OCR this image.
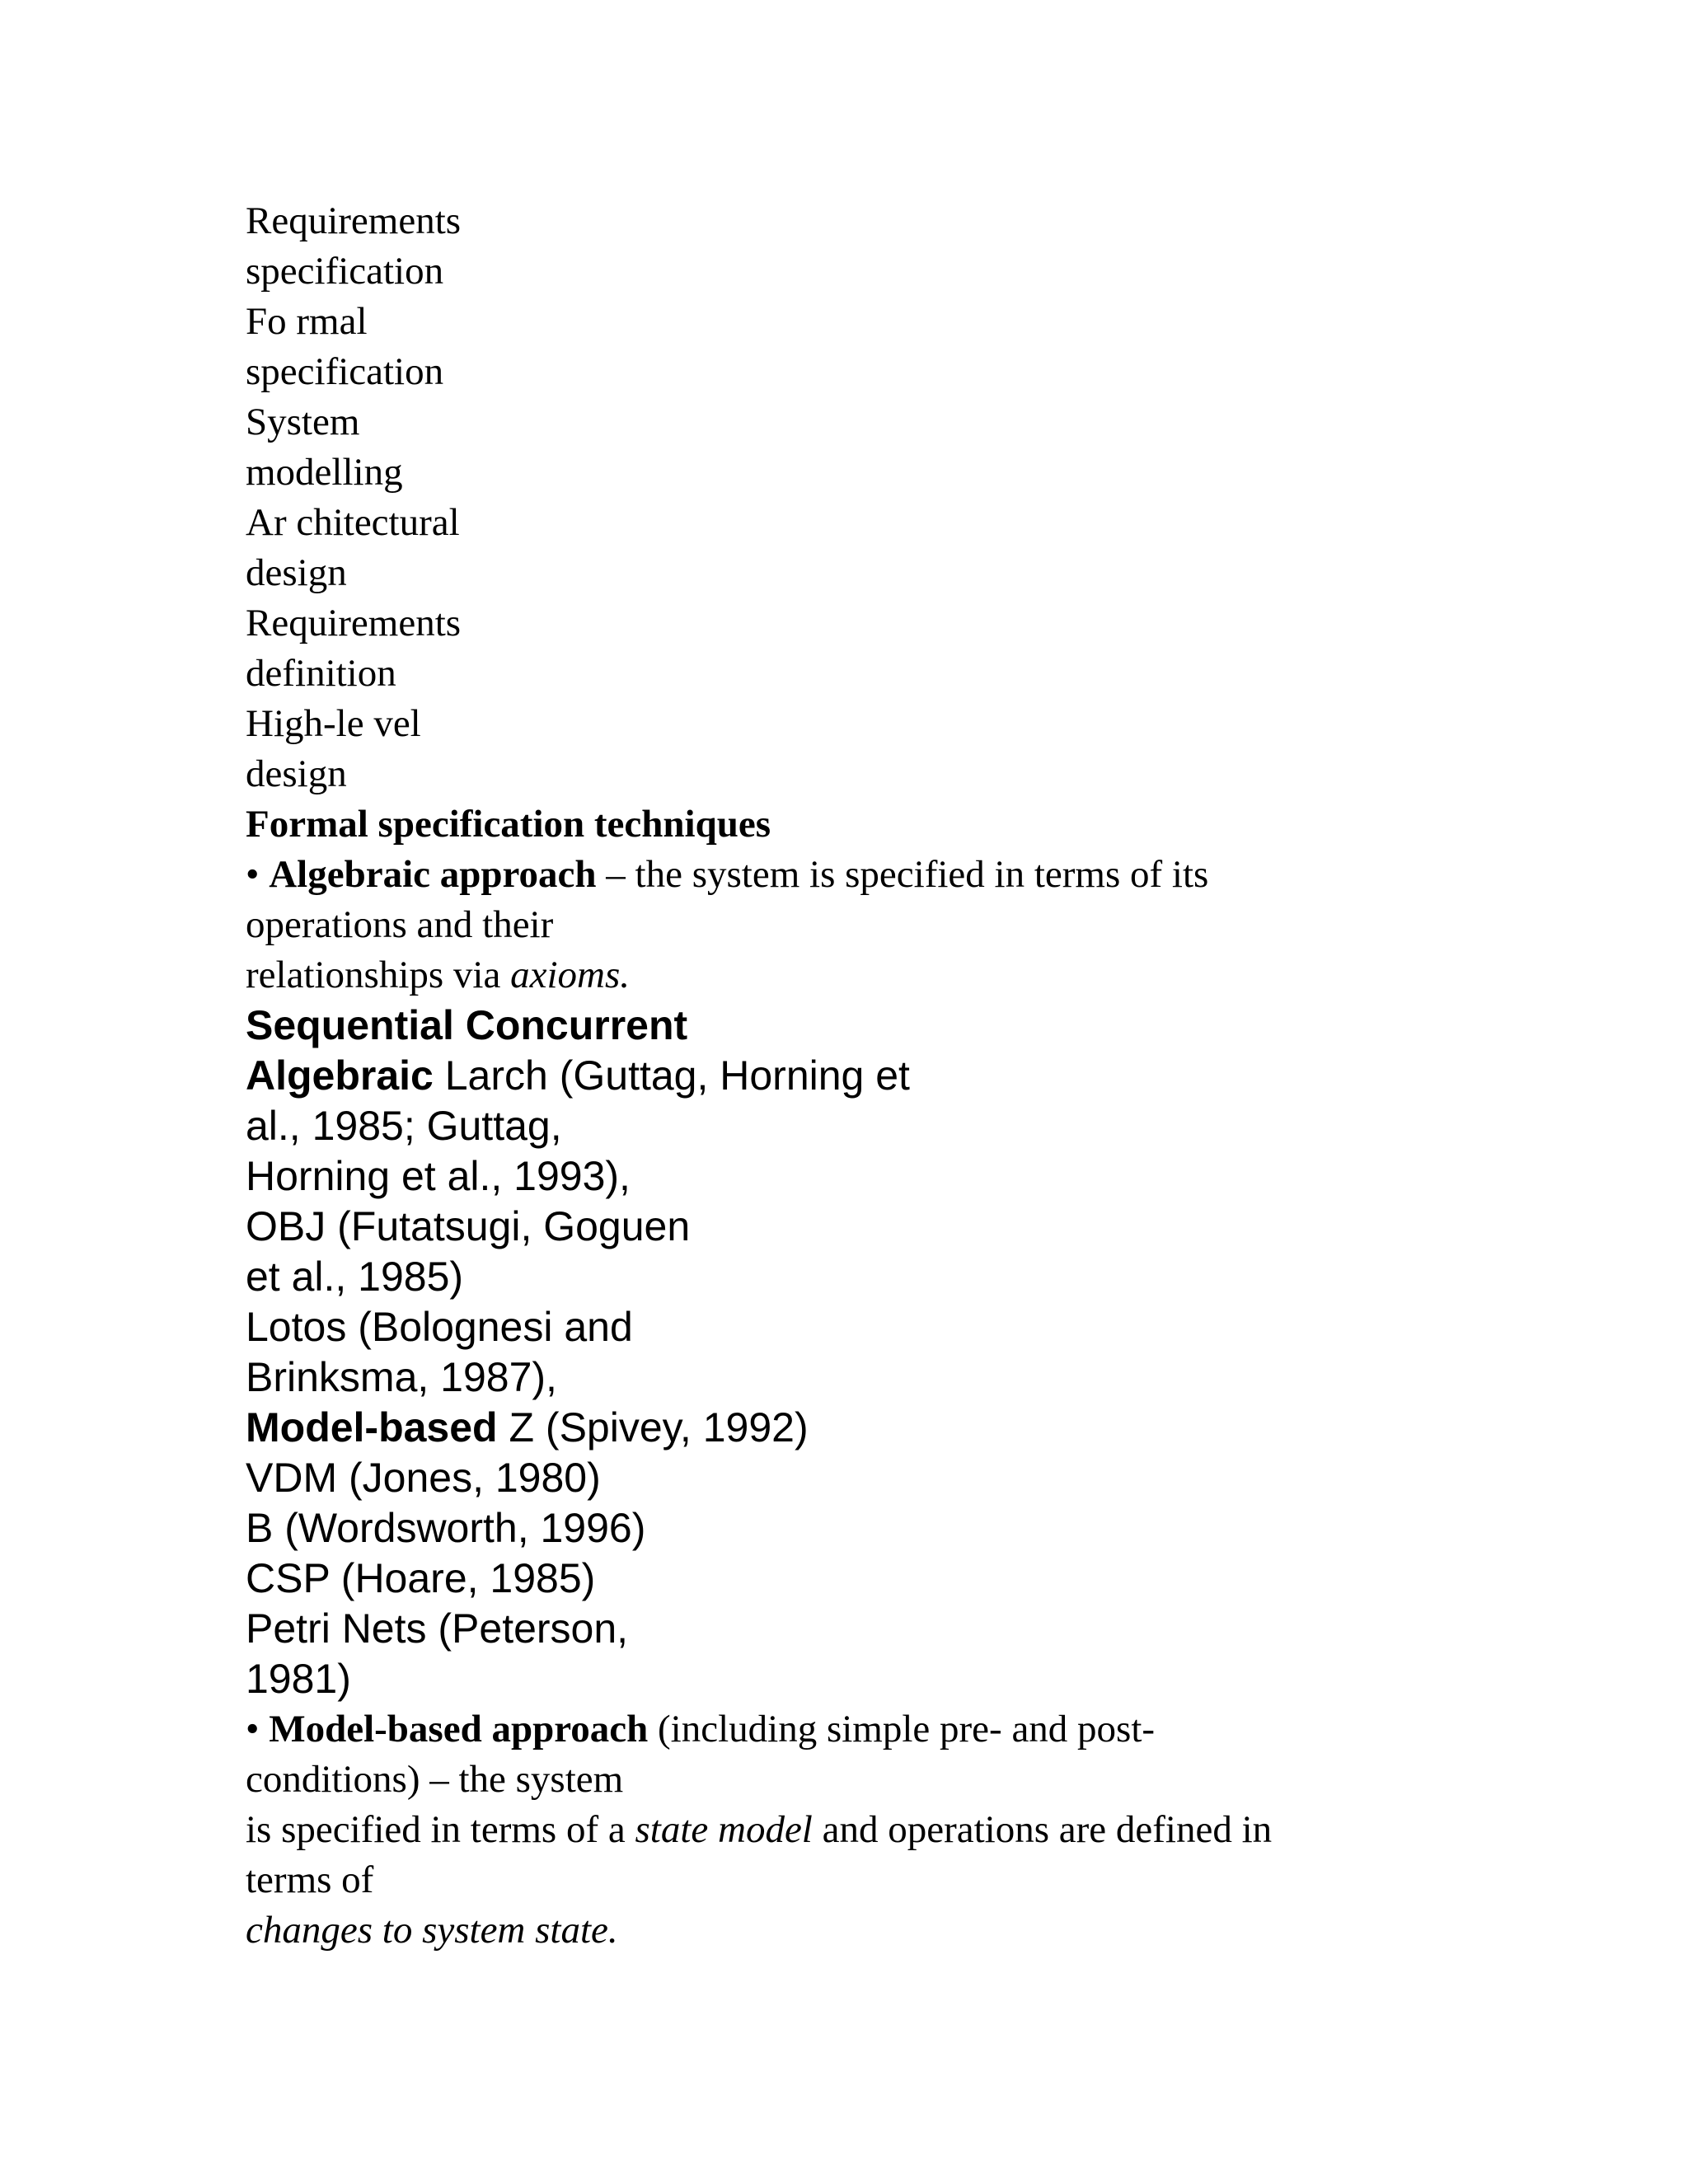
Requirements
specification
Fo rmal
specification
System
modelling
Ar chitectural
design
Requirements
definition
High-le vel
design
Formal specification techniques
• Algebraic approach – the system is specified in terms of its
operations and their
relationships via axioms.
Sequential Concurrent
Algebraic Larch (Guttag, Horning et
al., 1985; Guttag,
Horning et al., 1993),
OBJ (Futatsugi, Goguen
et al., 1985)
Lotos (Bolognesi and
Brinksma, 1987),
Model-based Z (Spivey, 1992)
VDM (Jones, 1980)
B (Wordsworth, 1996)
CSP (Hoare, 1985)
Petri Nets (Peterson,
1981)
• Model-based approach (including simple pre- and post-
conditions) – the system
is specified in terms of a state model and operations are defined in
terms of
changes to system state.
